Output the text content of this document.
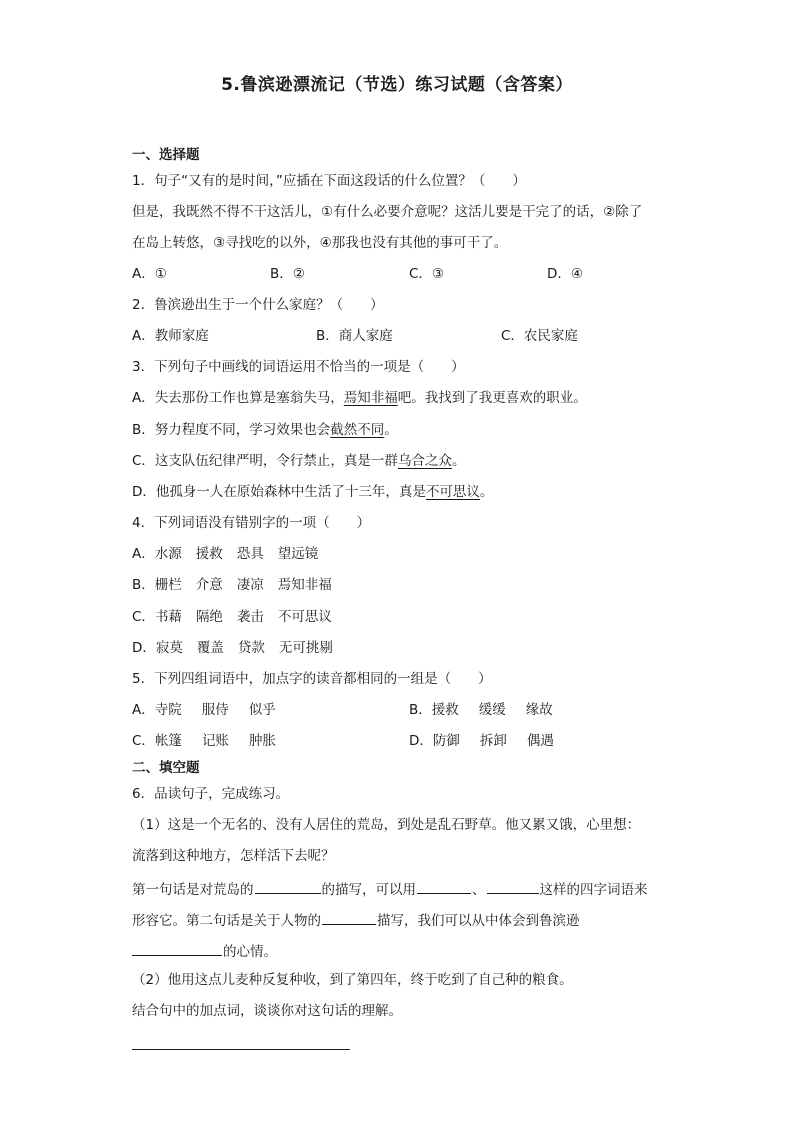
5.鲁滨逊漂流记（节选）练习试题（含答案）
一、选择题
1．句子“又有的是时间，”应插在下面这段话的什么位置？（　　）
但是，我既然不得不干这活儿，①有什么必要介意呢？这活儿要是干完了的话，②除了
在岛上转悠，③寻找吃的以外，④那我也没有其他的事可干了。
A．①	B．②	C．③	D．④
2．鲁滨逊出生于一个什么家庭？（　　）
A．教师家庭	B．商人家庭	C．农民家庭
3．下列句子中画线的词语运用不恰当的一项是（　　）
A．失去那份工作也算是塞翁失马，焉知非福吧。我找到了我更喜欢的职业。
B．努力程度不同，学习效果也会截然不同。
C．这支队伍纪律严明，令行禁止，真是一群乌合之众。
D．他孤身一人在原始森林中生活了十三年，真是不可思议。
4．下列词语没有错别字的一项（　　）
A．水源 援救 恐具 望远镜
B．栅栏 介意 凄凉 焉知非福
C．书藉 隔绝 袭击 不可思议
D．寂莫 覆盖 贷款 无可挑剔
5．下列四组词语中，加点字的读音都相同的一组是（　　）
A．寺院 服侍 似乎	B．援救 缓缓 缘故
C．帐篷 记账 肿胀	D．防御 拆卸 偶遇
二、填空题
6．品读句子，完成练习。
（1）这是一个无名的、没有人居住的荒岛，到处是乱石野草。他又累又饿，心里想：
流落到这种地方，怎样活下去呢？
第一句话是对荒岛的	的描写，可以用	、	这样的四字词语来
形容它。第二句话是关于人物的	描写，我们可以从中体会到鲁滨逊
的心情。
（2）他用这点儿麦种反复种收，到了第四年，终于吃到了自己种的粮食。
结合句中的加点词，谈谈你对这句话的理解。
